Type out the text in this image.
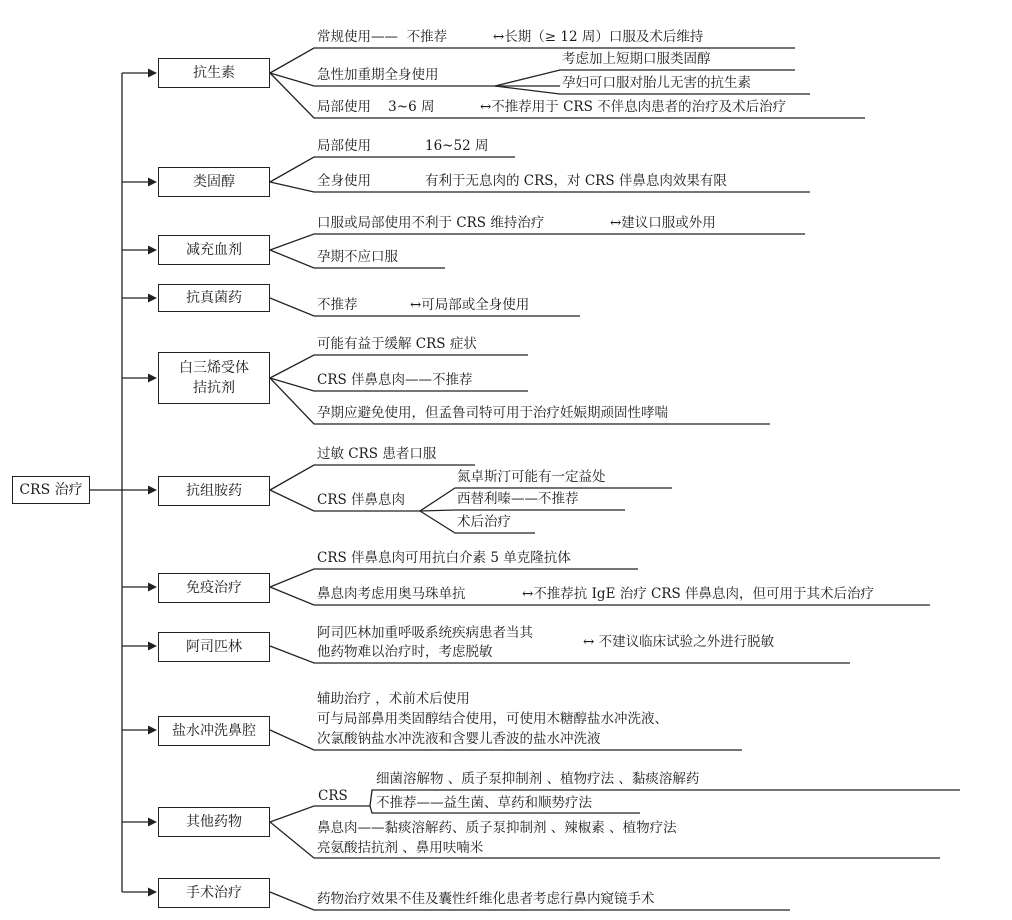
CRS 治疗
抗生素
类固醇
减充血剂
抗真菌药
白三烯受体
拮抗剂
抗组胺药
免疫治疗
阿司匹林
盐水冲洗鼻腔
其他药物
手术治疗
常规使用——  不推荐	↔长期（≥ 12 周）口服及术后维持
急性加重期全身使用
考虑加上短期口服类固醇
孕妇可口服对胎儿无害的抗生素
局部使用    3~6 周	↔不推荐用于 CRS 不伴息肉患者的治疗及术后治疗
局部使用	16~52 周
全身使用	有利于无息肉的 CRS，对 CRS 伴鼻息肉效果有限
口服或局部使用不利于 CRS 维持治疗	↔建议口服或外用
孕期不应口服
不推荐	↔可局部或全身使用
可能有益于缓解 CRS 症状
CRS 伴鼻息肉——不推荐
孕期应避免使用，但孟鲁司特可用于治疗妊娠期顽固性哮喘
过敏 CRS 患者口服
CRS 伴鼻息肉
氮卓斯汀可能有一定益处
西替利嗪——不推荐
术后治疗
CRS 伴鼻息肉可用抗白介素 5 单克隆抗体
鼻息肉考虑用奥马珠单抗	↔不推荐抗 IgE 治疗 CRS 伴鼻息肉，但可用于其术后治疗
阿司匹林加重呼吸系统疾病患者当其
他药物难以治疗时，考虑脱敏
↔ 不建议临床试验之外进行脱敏
辅助治疗 ，术前术后使用
可与局部鼻用类固醇结合使用，可使用木糖醇盐水冲洗液、
次氯酸钠盐水冲洗液和含婴儿香波的盐水冲洗液
CRS
细菌溶解物 、质子泵抑制剂 、植物疗法 、黏痰溶解药
不推荐——益生菌、草药和顺势疗法
鼻息肉——黏痰溶解药、质子泵抑制剂 、辣椒素 、植物疗法
亮氨酸拮抗剂 、鼻用呋喃米
药物治疗效果不佳及囊性纤维化患者考虑行鼻内窥镜手术
